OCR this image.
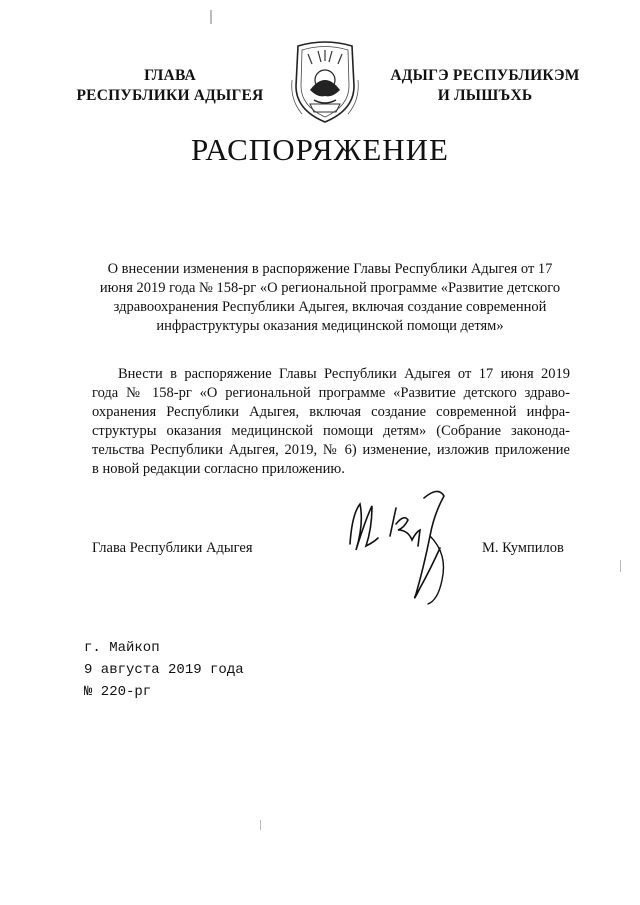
ГЛАВА
РЕСПУБЛИКИ АДЫГЕЯ
АДЫГЭ РЕСПУБЛИКЭМ
И ЛЫШЪХЬ
РАСПОРЯЖЕНИЕ
О внесении изменения в распоряжение Главы Республики Адыгея от 17
июня 2019 года № 158-рг «О региональной программе «Развитие детского
здравоохранения Республики Адыгея, включая создание современной
инфраструктуры оказания медицинской помощи детям»
Внести в распоряжение Главы Республики Адыгея от 17 июня 2019
года № 158-рг «О региональной программе «Развитие детского здраво-
охранения Республики Адыгея, включая создание современной инфра-
структуры оказания медицинской помощи детям» (Собрание законода-
тельства Республики Адыгея, 2019, № 6) изменение, изложив приложение
в новой редакции согласно приложению.
Глава Республики Адыгея	М. Кумпилов
г. Майкоп
9 августа 2019 года
№ 220-рг
